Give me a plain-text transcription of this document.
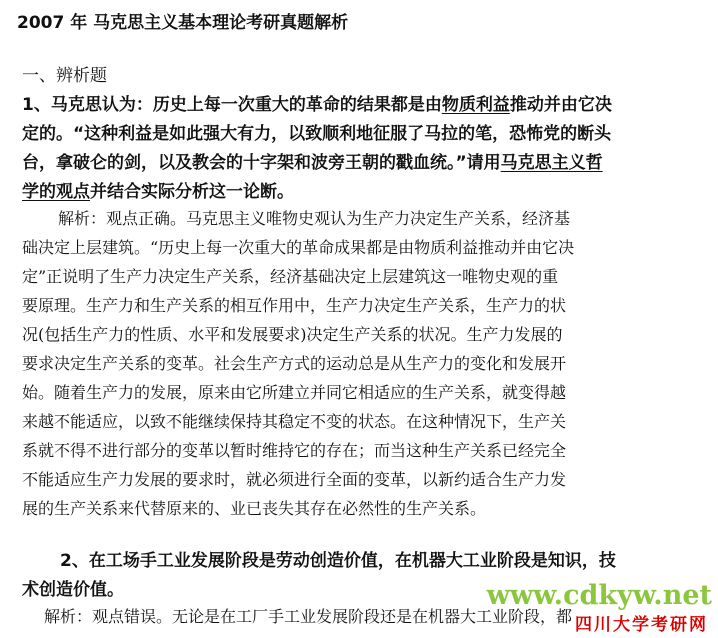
2007 年 马克思主义基本理论考研真题解析
一、辨析题
1、马克思认为：历史上每一次重大的革命的结果都是由物质利益推动并由它决
定的。“这种利益是如此强大有力，以致顺利地征服了马拉的笔，恐怖党的断头
台，拿破仑的剑，以及教会的十字架和波旁王朝的戳血统。”请用马克思主义哲
学的观点并结合实际分析这一论断。
解析：观点正确。马克思主义唯物史观认为生产力决定生产关系，经济基
础决定上层建筑。“历史上每一次重大的革命成果都是由物质利益推动并由它决
定”正说明了生产力决定生产关系，经济基础决定上层建筑这一唯物史观的重
要原理。生产力和生产关系的相互作用中，生产力决定生产关系，生产力的状
况(包括生产力的性质、水平和发展要求)决定生产关系的状况。生产力发展的
要求决定生产关系的变革。社会生产方式的运动总是从生产力的变化和发展开
始。随着生产力的发展，原来由它所建立并同它相适应的生产关系，就变得越
来越不能适应，以致不能继续保持其稳定不变的状态。在这种情况下，生产关
系就不得不进行部分的变革以暂时维持它的存在；而当这种生产关系已经完全
不能适应生产力发展的要求时，就必须进行全面的变革，以新约适合生产力发
展的生产关系来代替原来的、业已丧失其存在必然性的生产关系。
2、在工场手工业发展阶段是劳动创造价值，在机器大工业阶段是知识，技
术创造价值。
解析：观点错误。无论是在工厂手工业发展阶段还是在机器大工业阶段，都
www.cdkyw.net
四川大学考研网
